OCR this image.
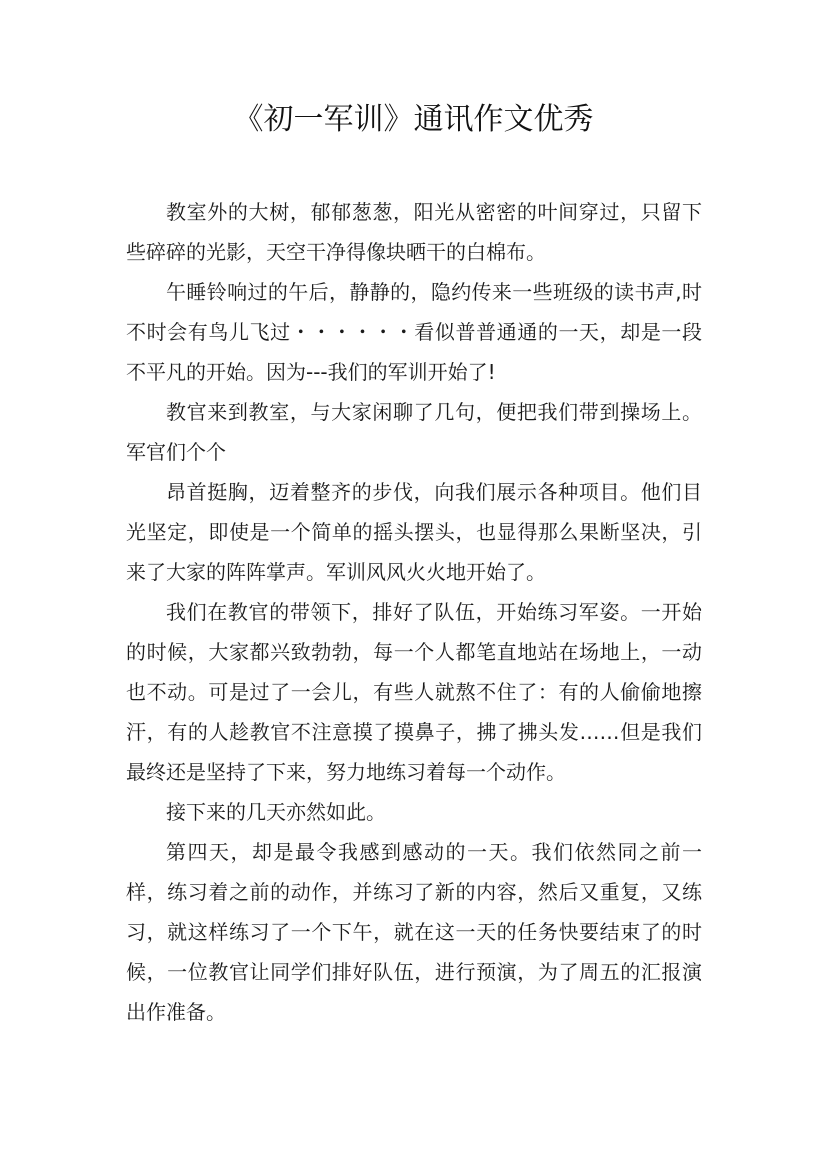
《初一军训》通讯作文优秀

教室外的大树，郁郁葱葱，阳光从密密的叶间穿过，只留下些碎碎的光影，天空干净得像块晒干的白棉布。

午睡铃响过的午后，静静的，隐约传来一些班级的读书声,时不时会有鸟儿飞过・・・・・・看似普普通通的一天，却是一段不平凡的开始。因为---我们的军训开始了!

教官来到教室，与大家闲聊了几句，便把我们带到操场上。军官们个个

昂首挺胸，迈着整齐的步伐，向我们展示各种项目。他们目光坚定，即使是一个简单的摇头摆头，也显得那么果断坚决，引来了大家的阵阵掌声。军训风风火火地开始了。

我们在教官的带领下，排好了队伍，开始练习军姿。一开始的时候，大家都兴致勃勃，每一个人都笔直地站在场地上，一动也不动。可是过了一会儿，有些人就熬不住了：有的人偷偷地擦汗，有的人趁教官不注意摸了摸鼻子，拂了拂头发……但是我们最终还是坚持了下来，努力地练习着每一个动作。

接下来的几天亦然如此。

第四天，却是最令我感到感动的一天。我们依然同之前一样，练习着之前的动作，并练习了新的内容，然后又重复，又练习，就这样练习了一个下午，就在这一天的任务快要结束了的时候，一位教官让同学们排好队伍，进行预演，为了周五的汇报演出作准备。
